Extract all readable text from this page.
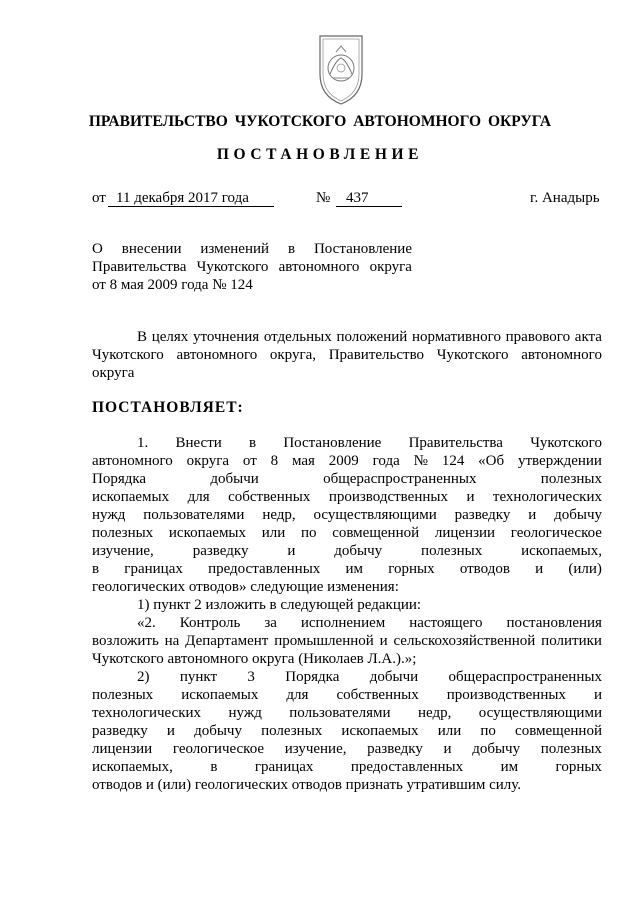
ПРАВИТЕЛЬСТВО ЧУКОТСКОГО АВТОНОМНОГО ОКРУГА
ПОСТАНОВЛЕНИЕ
от 11 декабря 2017 года	№	437	г. Анадырь
О внесении изменений в Постановление
Правительства Чукотского автономного округа
от 8 мая 2009 года № 124
В целях уточнения отдельных положений нормативного правового акта
Чукотского автономного округа, Правительство Чукотского автономного
округа
ПОСТАНОВЛЯЕТ:
1. Внести в Постановление Правительства Чукотского
автономного округа от 8 мая 2009 года № 124 «Об утверждении
Порядка	добычи	общераспространенных	полезных
ископаемых для собственных производственных и технологических
нужд пользователями недр, осуществляющими разведку и добычу
полезных ископаемых или по совмещенной лицензии геологическое
изучение,	разведку	и	добычу	полезных	ископаемых,
в границах предоставленных им горных отводов и (или)
геологических отводов» следующие изменения:
1) пункт 2 изложить в следующей редакции:
«2. Контроль за исполнением настоящего постановления
возложить на Департамент промышленной и сельскохозяйственной политики
Чукотского автономного округа (Николаев Л.А.).»;
2) пункт 3 Порядка добычи общераспространенных
полезных ископаемых для собственных производственных и
технологических нужд пользователями недр, осуществляющими
разведку и добычу полезных ископаемых или по совмещенной
лицензии геологическое изучение, разведку и добычу полезных
ископаемых, в границах предоставленных им горных
отводов и (или) геологических отводов признать утратившим силу.
